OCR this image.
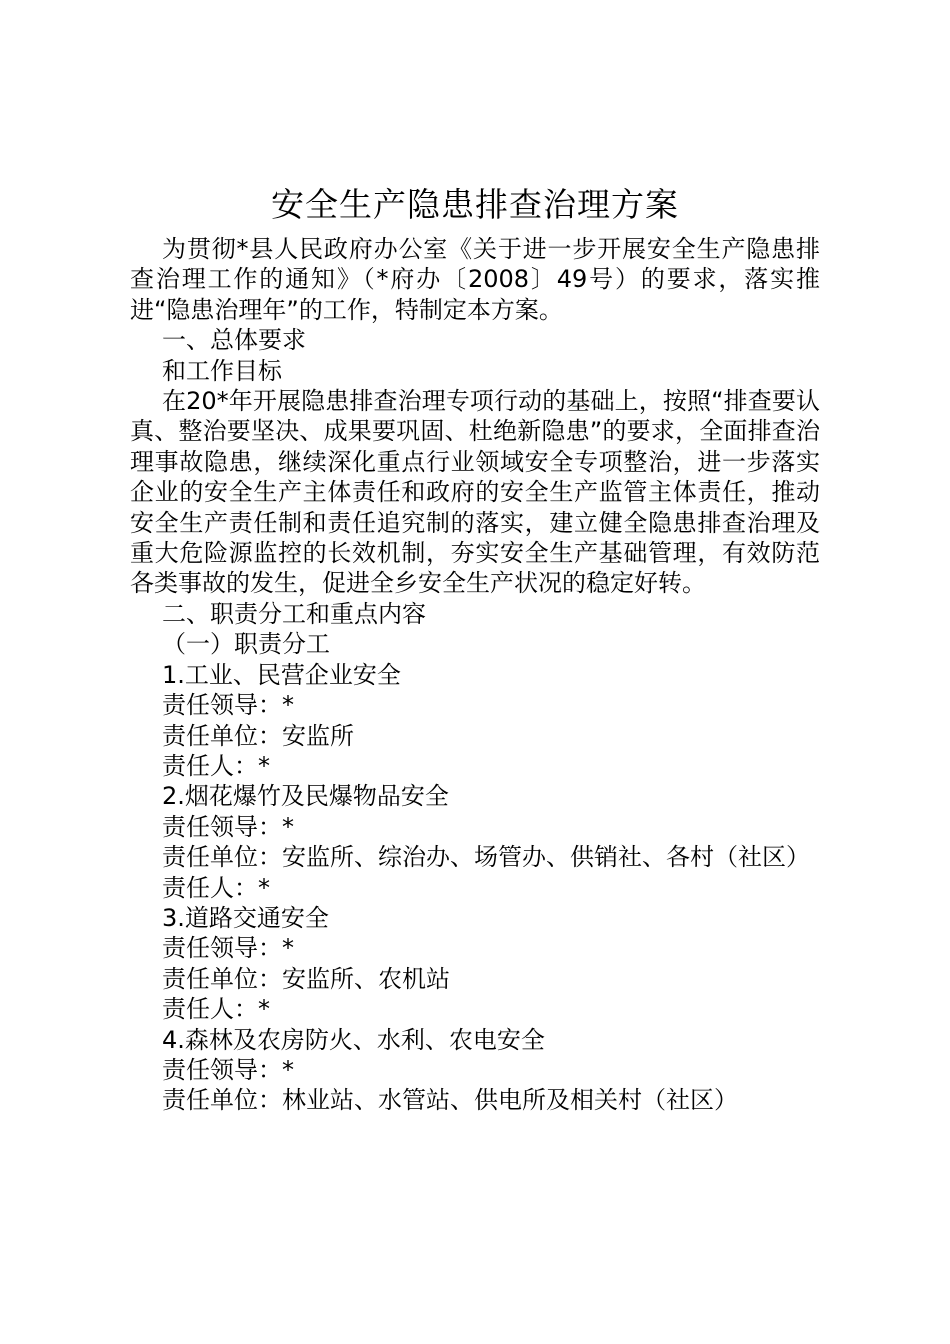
安全生产隐患排查治理方案

为贯彻*县人民政府办公室《关于进一步开展安全生产隐患排查治理工作的通知》（*府办〔2008〕49号）的要求，落实推进“隐患治理年”的工作，特制定本方案。

一、总体要求

和工作目标

在20*年开展隐患排查治理专项行动的基础上，按照“排查要认真、整治要坚决、成果要巩固、杜绝新隐患”的要求，全面排查治理事故隐患，继续深化重点行业领域安全专项整治，进一步落实企业的安全生产主体责任和政府的安全生产监管主体责任，推动安全生产责任制和责任追究制的落实，建立健全隐患排查治理及重大危险源监控的长效机制，夯实安全生产基础管理，有效防范各类事故的发生，促进全乡安全生产状况的稳定好转。

二、职责分工和重点内容

（一）职责分工

1.工业、民营企业安全

责任领导：*

责任单位：安监所

责任人：*

2.烟花爆竹及民爆物品安全

责任领导：*

责任单位：安监所、综治办、场管办、供销社、各村（社区）

责任人：*

3.道路交通安全

责任领导：*

责任单位：安监所、农机站

责任人：*

4.森林及农房防火、水利、农电安全

责任领导：*

责任单位：林业站、水管站、供电所及相关村（社区）
